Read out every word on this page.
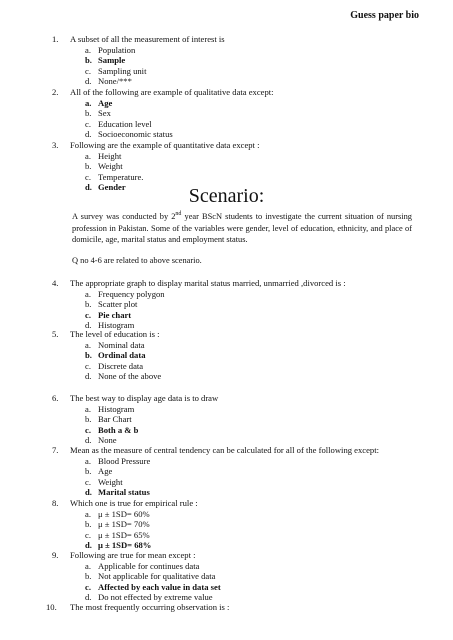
Guess paper bio
1. A subset of all the measurement of interest is
a. Population
b. Sample
c. Sampling unit
d. None/***
2. All of the following are example of qualitative data except:
a. Age
b. Sex
c. Education level
d. Socioeconomic status
3. Following are the example of quantitative data except :
a. Height
b. Weight
c. Temperature.
d. Gender	Scenario:
A survey was conducted by 2nd year BScN students to investigate the current situation of nursing profession in Pakistan. Some of the variables were gender, level of education, ethnicity, and place of domicile, age, marital status and employment status.
Q no 4-6 are related to above scenario.
4. The appropriate graph to display marital status married, unmarried ,divorced is :
a. Frequency polygon
b. Scatter plot
c. Pie chart
d. Histogram
5. The level of education is :
a. Nominal data
b. Ordinal data
c. Discrete data
d. None of the above
6. The best way to display age data is to draw
a. Histogram
b. Bar Chart
c. Both a & b
d. None
7. Mean as the measure of central tendency can be calculated for all of the following except:
a. Blood Pressure
b. Age
c. Weight
d. Marital status
8. Which one is true for empirical rule :
a. μ ± 1SD= 60%
b. μ ± 1SD= 70%
c. μ ± 1SD= 65%
d. μ ± 1SD= 68%
9. Following are true for mean except :
a. Applicable for continues data
b. Not applicable for qualitative data
c. Affected by each value in data set
d. Do not effected by extreme value
10. The most frequently occurring observation is :
